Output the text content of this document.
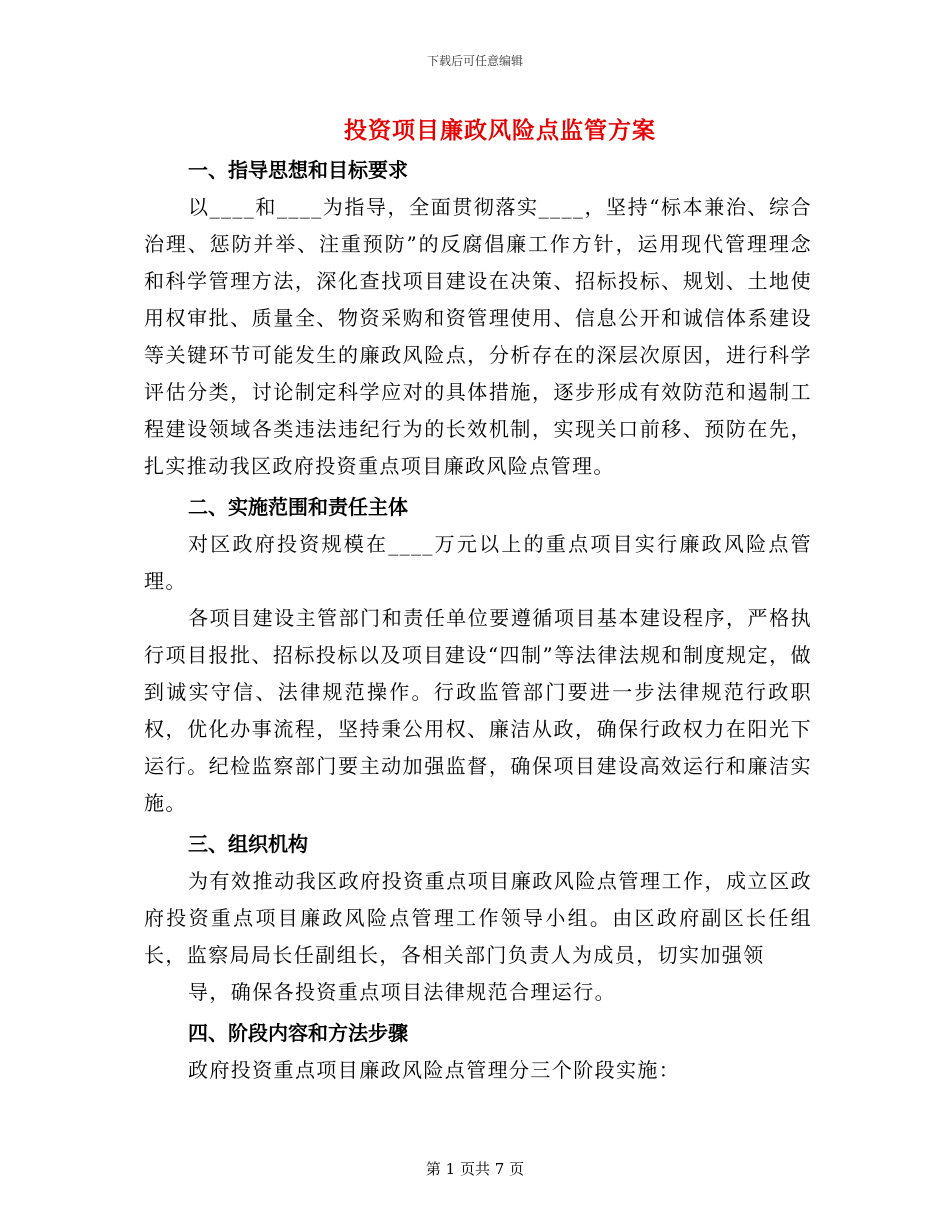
下载后可任意编辑
投资项目廉政风险点监管方案
一、指导思想和目标要求

以____和____为指导，全面贯彻落实____，坚持“标本兼治、综合治理、惩防并举、注重预防”的反腐倡廉工作方针，运用现代管理理念和科学管理方法，深化查找项目建设在决策、招标投标、规划、土地使用权审批、质量全、物资采购和资管理使用、信息公开和诚信体系建设等关键环节可能发生的廉政风险点，分析存在的深层次原因，进行科学评估分类，讨论制定科学应对的具体措施，逐步形成有效防范和遏制工程建设领域各类违法违纪行为的长效机制，实现关口前移、预防在先，扎实推动我区政府投资重点项目廉政风险点管理。

二、实施范围和责任主体

对区政府投资规模在____万元以上的重点项目实行廉政风险点管理。

各项目建设主管部门和责任单位要遵循项目基本建设程序，严格执行项目报批、招标投标以及项目建设“四制”等法律法规和制度规定，做到诚实守信、法律规范操作。行政监管部门要进一步法律规范行政职权，优化办事流程，坚持秉公用权、廉洁从政，确保行政权力在阳光下运行。纪检监察部门要主动加强监督，确保项目建设高效运行和廉洁实施。

三、组织机构

为有效推动我区政府投资重点项目廉政风险点管理工作，成立区政府投资重点项目廉政风险点管理工作领导小组。由区政府副区长任组长，监察局局长任副组长，各相关部门负责人为成员，切实加强领

导，确保各投资重点项目法律规范合理运行。

四、阶段内容和方法步骤

政府投资重点项目廉政风险点管理分三个阶段实施：

第 1 页共 7 页
